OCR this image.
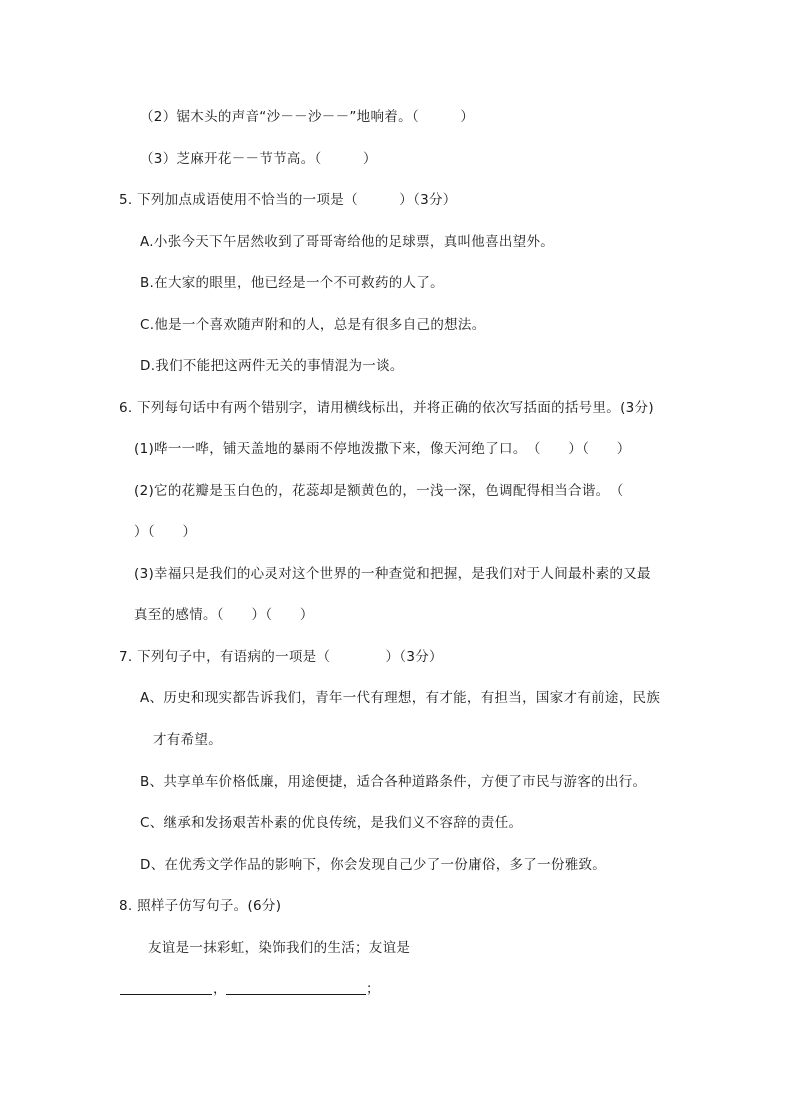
（2）锯木头的声音“沙－－沙－－”地响着。（　　　）
（3）芝麻开花－－节节高。（　　　）
5. 下列加点成语使用不恰当的一项是（　　　）（3分）
A.小张今天下午居然收到了哥哥寄给他的足球票，真叫他喜出望外。
B.在大家的眼里，他已经是一个不可救药的人了。
C.他是一个喜欢随声附和的人，总是有很多自己的想法。
D.我们不能把这两件无关的事情混为一谈。
6. 下列每句话中有两个错别字，请用横线标出，并将正确的依次写括面的括号里。(3分)
(1)哗一一哗，铺天盖地的暴雨不停地泼撒下来，像天河绝了口。　（　　）（　　）
(2)它的花瓣是玉白色的，花蕊却是额黄色的，一浅一深，色调配得相当合谐。　（
）（　　）
(3)幸福只是我们的心灵对这个世界的一种查觉和把握，是我们对于人间最朴素的又最
真至的感情。（　　）（　　）
7. 下列句子中，有语病的一项是（　　　　）（3分）
A、历史和现实都告诉我们，青年一代有理想，有才能，有担当，国家才有前途，民族
才有希望。
B、共享单车价格低廉，用途便捷，适合各种道路条件，方便了市民与游客的出行。
C、继承和发扬艰苦朴素的优良传统，是我们义不容辞的责任。
D、在优秀文学作品的影响下，你会发现自己少了一份庸俗，多了一份雅致。
8. 照样子仿写句子。(6分)
友谊是一抹彩虹，染饰我们的生活；友谊是
，	；
